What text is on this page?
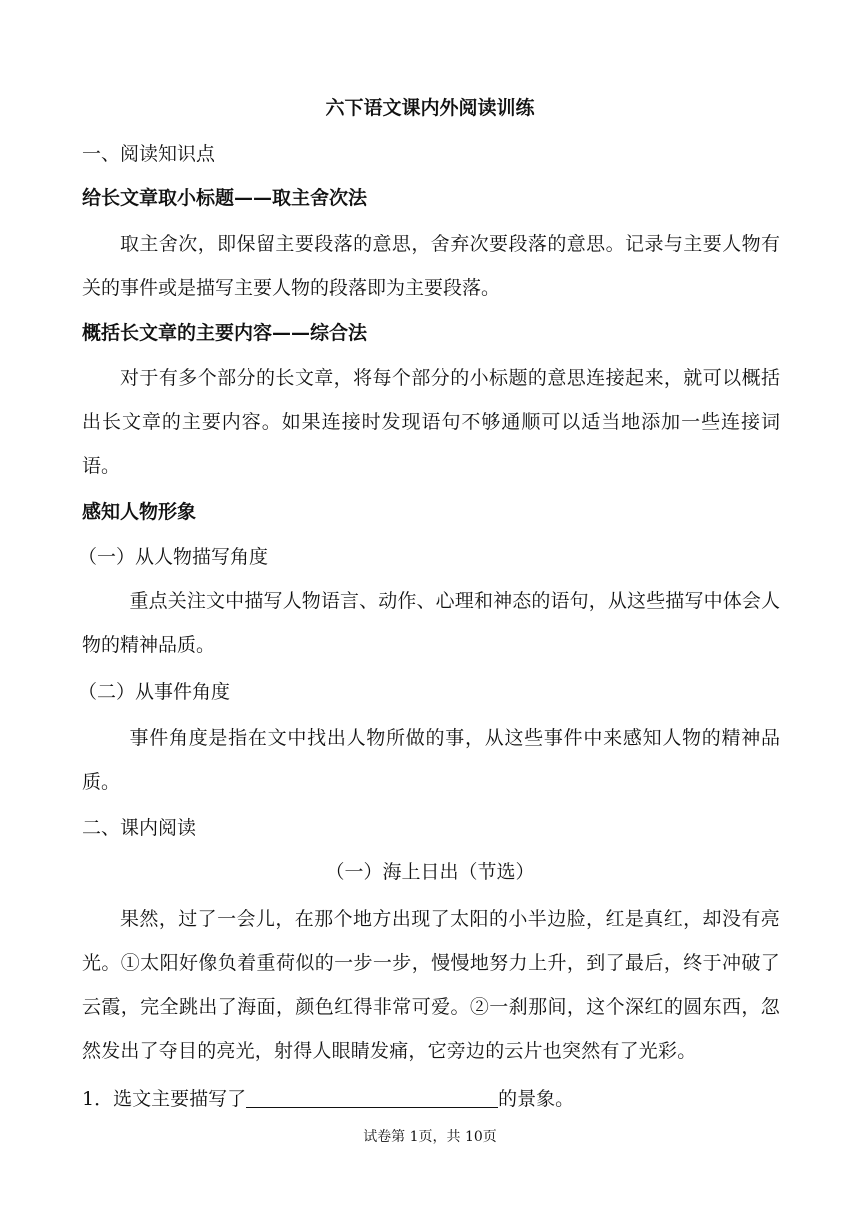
六下语文课内外阅读训练
一、阅读知识点
给长文章取小标题——取主舍次法
取主舍次，即保留主要段落的意思，舍弃次要段落的意思。记录与主要人物有关的事件或是描写主要人物的段落即为主要段落。
概括长文章的主要内容——综合法
对于有多个部分的长文章，将每个部分的小标题的意思连接起来，就可以概括出长文章的主要内容。如果连接时发现语句不够通顺可以适当地添加一些连接词语。
感知人物形象
（一）从人物描写角度
重点关注文中描写人物语言、动作、心理和神态的语句，从这些描写中体会人物的精神品质。
（二）从事件角度
事件角度是指在文中找出人物所做的事，从这些事件中来感知人物的精神品质。
二、课内阅读
（一）海上日出（节选）
果然，过了一会儿，在那个地方出现了太阳的小半边脸，红是真红，却没有亮光。①太阳好像负着重荷似的一步一步，慢慢地努力上升，到了最后，终于冲破了云霞，完全跳出了海面，颜色红得非常可爱。②一刹那间，这个深红的圆东西，忽然发出了夺目的亮光，射得人眼睛发痛，它旁边的云片也突然有了光彩。
1．选文主要描写了	的景象。
试卷第 1页，共 10页
